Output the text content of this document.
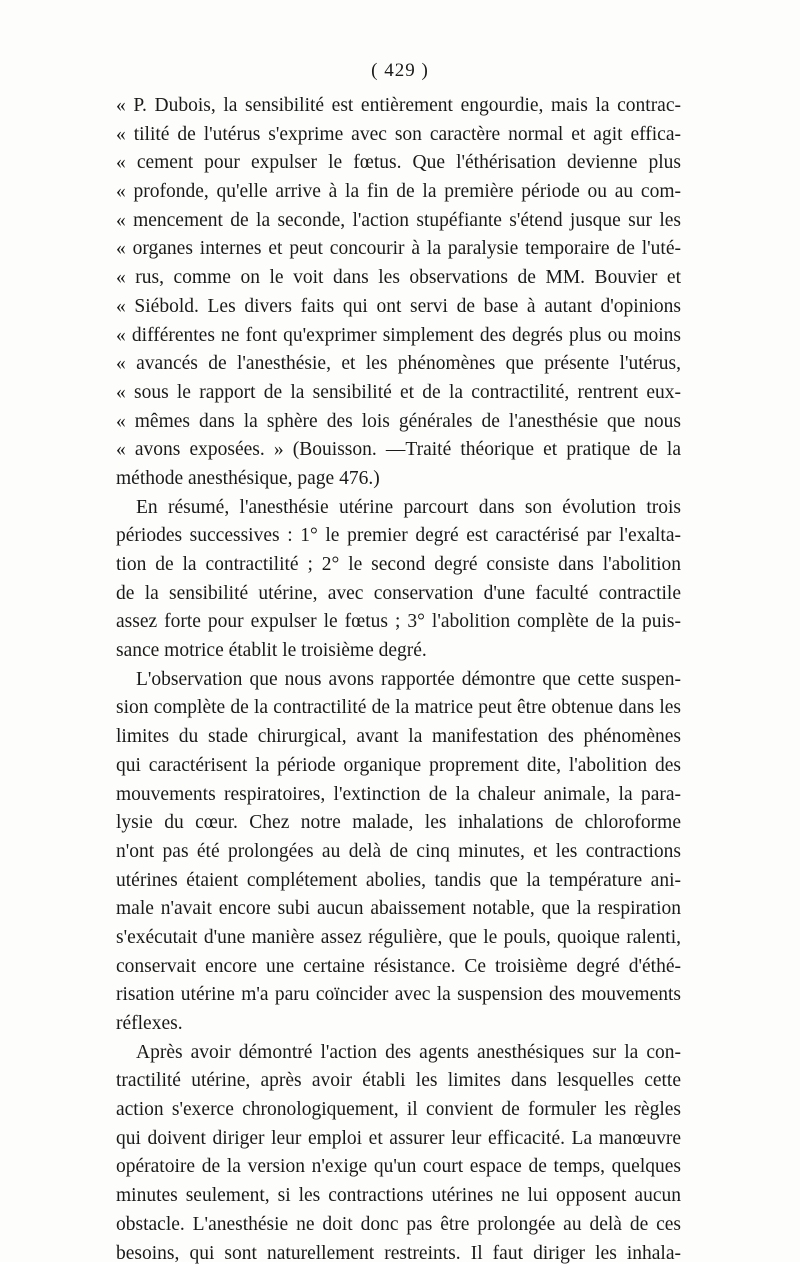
( 429 )
« P. Dubois, la sensibilité est entièrement engourdie, mais la contrac-
« tilité de l'utérus s'exprime avec son caractère normal et agit effica-
« cement pour expulser le fœtus. Que l'éthérisation devienne plus
« profonde, qu'elle arrive à la fin de la première période ou au com-
« mencement de la seconde, l'action stupéfiante s'étend jusque sur les
« organes internes et peut concourir à la paralysie temporaire de l'uté-
« rus, comme on le voit dans les observations de MM. Bouvier et
« Siébold. Les divers faits qui ont servi de base à autant d'opinions
« différentes ne font qu'exprimer simplement des degrés plus ou moins
« avancés de l'anesthésie, et les phénomènes que présente l'utérus,
« sous le rapport de la sensibilité et de la contractilité, rentrent eux-
« mêmes dans la sphère des lois générales de l'anesthésie que nous
« avons exposées. » (Bouisson. —Traité théorique et pratique de la
méthode anesthésique, page 476.)
En résumé, l'anesthésie utérine parcourt dans son évolution trois
périodes successives : 1° le premier degré est caractérisé par l'exalta-
tion de la contractilité ; 2° le second degré consiste dans l'abolition
de la sensibilité utérine, avec conservation d'une faculté contractile
assez forte pour expulser le fœtus ; 3° l'abolition complète de la puis-
sance motrice établit le troisième degré.
L'observation que nous avons rapportée démontre que cette suspen-
sion complète de la contractilité de la matrice peut être obtenue dans les
limites du stade chirurgical, avant la manifestation des phénomènes
qui caractérisent la période organique proprement dite, l'abolition des
mouvements respiratoires, l'extinction de la chaleur animale, la para-
lysie du cœur. Chez notre malade, les inhalations de chloroforme
n'ont pas été prolongées au delà de cinq minutes, et les contractions
utérines étaient complétement abolies, tandis que la température ani-
male n'avait encore subi aucun abaissement notable, que la respiration
s'exécutait d'une manière assez régulière, que le pouls, quoique ralenti,
conservait encore une certaine résistance. Ce troisième degré d'éthé-
risation utérine m'a paru coïncider avec la suspension des mouvements
réflexes.
Après avoir démontré l'action des agents anesthésiques sur la con-
tractilité utérine, après avoir établi les limites dans lesquelles cette
action s'exerce chronologiquement, il convient de formuler les règles
qui doivent diriger leur emploi et assurer leur efficacité. La manœuvre
opératoire de la version n'exige qu'un court espace de temps, quelques
minutes seulement, si les contractions utérines ne lui opposent aucun
obstacle. L'anesthésie ne doit donc pas être prolongée au delà de ces
besoins, qui sont naturellement restreints. Il faut diriger les inhala-
